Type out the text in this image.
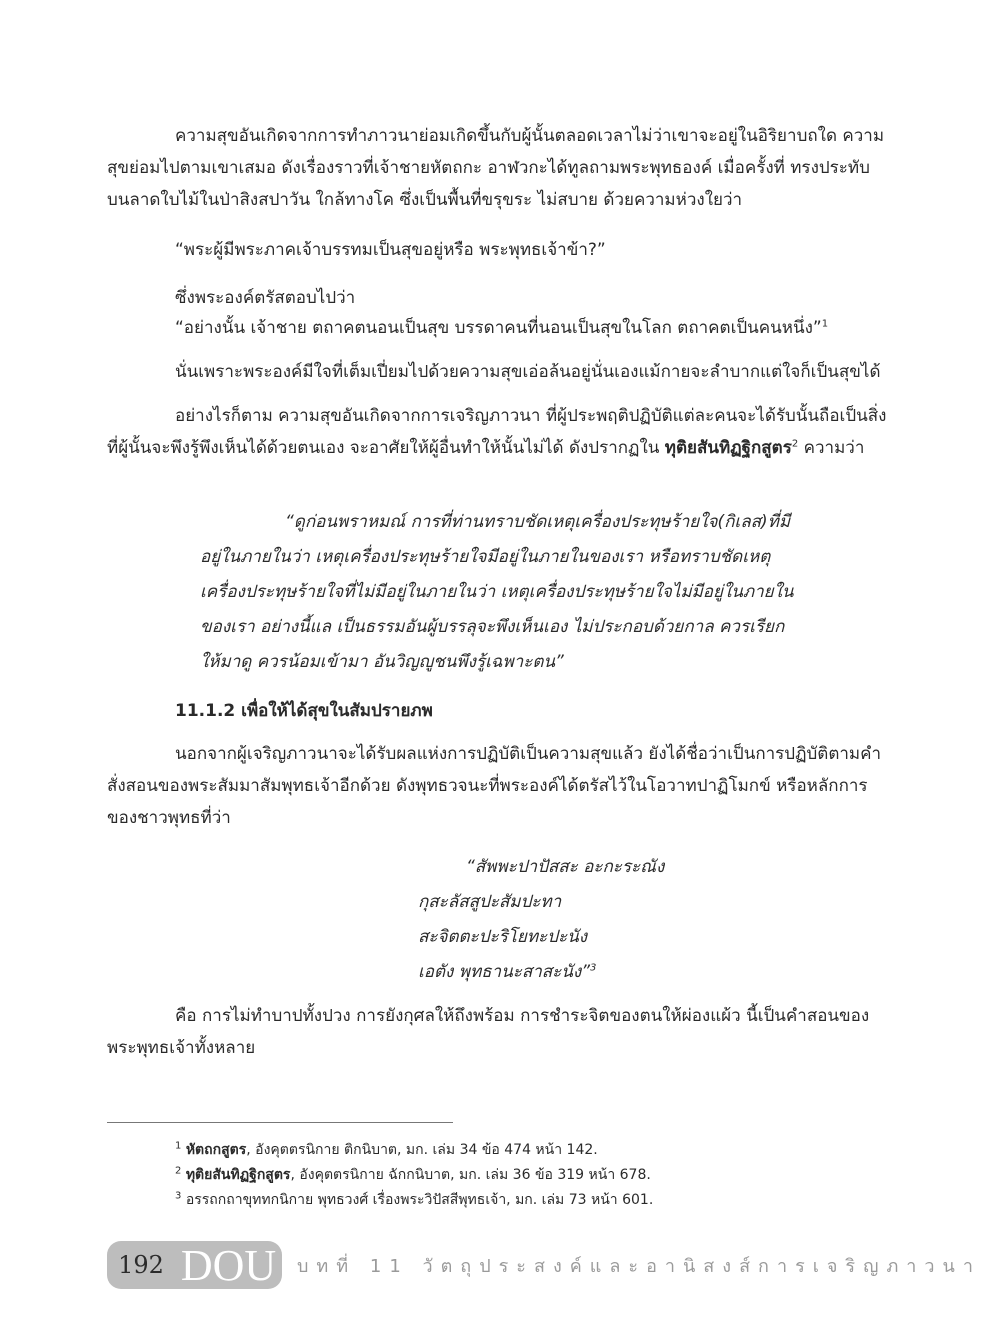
ความสุขอันเกิดจากการทำภาวนาย่อมเกิดขึ้นกับผู้นั้นตลอดเวลาไม่ว่าเขาจะอยู่ในอิริยาบถใด ความสุขย่อมไปตามเขาเสมอ ดังเรื่องราวที่เจ้าชายหัตถกะ อาฬวกะได้ทูลถามพระพุทธองค์ เมื่อครั้งที่ ทรงประทับบนลาดใบไม้ในป่าสิงสปาวัน ใกล้ทางโค ซึ่งเป็นพื้นที่ขรุขระ ไม่สบาย ด้วยความห่วงใยว่า

“พระผู้มีพระภาคเจ้าบรรทมเป็นสุขอยู่หรือ พระพุทธเจ้าข้า?”

ซึ่งพระองค์ตรัสตอบไปว่า

“อย่างนั้น เจ้าชาย ตถาคตนอนเป็นสุข บรรดาคนที่นอนเป็นสุขในโลก ตถาคตเป็นคนหนึ่ง”$^1$

นั่นเพราะพระองค์มีใจที่เต็มเปี่ยมไปด้วยความสุขเอ่อล้นอยู่นั่นเองแม้กายจะลำบากแต่ใจก็เป็นสุขได้

อย่างไรก็ตาม ความสุขอันเกิดจากการเจริญภาวนา ที่ผู้ประพฤติปฏิบัติแต่ละคนจะได้รับนั้นถือเป็นสิ่งที่ผู้นั้นจะพึงรู้พึงเห็นได้ด้วยตนเอง จะอาศัยให้ผู้อื่นทำให้นั้นไม่ได้ ดังปรากฏใน ทุติยสันทิฏฐิกสูตร$^2$ ความว่า

“ดูก่อนพราหมณ์ การที่ท่านทราบชัดเหตุเครื่องประทุษร้ายใจ(กิเลส)ที่มีอยู่ในภายในว่า เหตุเครื่องประทุษร้ายใจมีอยู่ในภายในของเรา หรือทราบชัดเหตุเครื่องประทุษร้ายใจที่ไม่มีอยู่ในภายในว่า เหตุเครื่องประทุษร้ายใจไม่มีอยู่ในภายในของเรา อย่างนี้แล เป็นธรรมอันผู้บรรลุจะพึงเห็นเอง ไม่ประกอบด้วยกาล ควรเรียกให้มาดู ควรน้อมเข้ามา อันวิญญูชนพึงรู้เฉพาะตน”

11.1.2 เพื่อให้ได้สุขในสัมปรายภพ

นอกจากผู้เจริญภาวนาจะได้รับผลแห่งการปฏิบัติเป็นความสุขแล้ว ยังได้ชื่อว่าเป็นการปฏิบัติตามคำสั่งสอนของพระสัมมาสัมพุทธเจ้าอีกด้วย ดังพุทธวจนะที่พระองค์ได้ตรัสไว้ในโอวาทปาฏิโมกข์ หรือหลักการของชาวพุทธที่ว่า

“สัพพะปาปัสสะ อะกะระณัง

กุสะลัสสูปะสัมปะทา

สะจิตตะปะริโยทะปะนัง

เอตัง พุทธานะสาสะนัง”$^3$

คือ การไม่ทำบาปทั้งปวง การยังกุศลให้ถึงพร้อม การชำระจิตของตนให้ผ่องแผ้ว นี้เป็นคำสอนของพระพุทธเจ้าทั้งหลาย

$^1$ หัตถกสูตร, อังคุตตรนิกาย ติกนิบาต, มก. เล่ม 34 ข้อ 474 หน้า 142.

$^2$ ทุติยสันทิฏฐิกสูตร, อังคุตตรนิกาย ฉักกนิบาต, มก. เล่ม 36 ข้อ 319 หน้า 678.

$^3$ อรรถกถาขุททกนิกาย พุทธวงศ์ เรื่องพระวิปัสสีพุทธเจ้า, มก. เล่ม 73 หน้า 601.

192 DOU	บทที่ 11 วัตถุประสงค์และอานิสงส์การเจริญภาวนา
